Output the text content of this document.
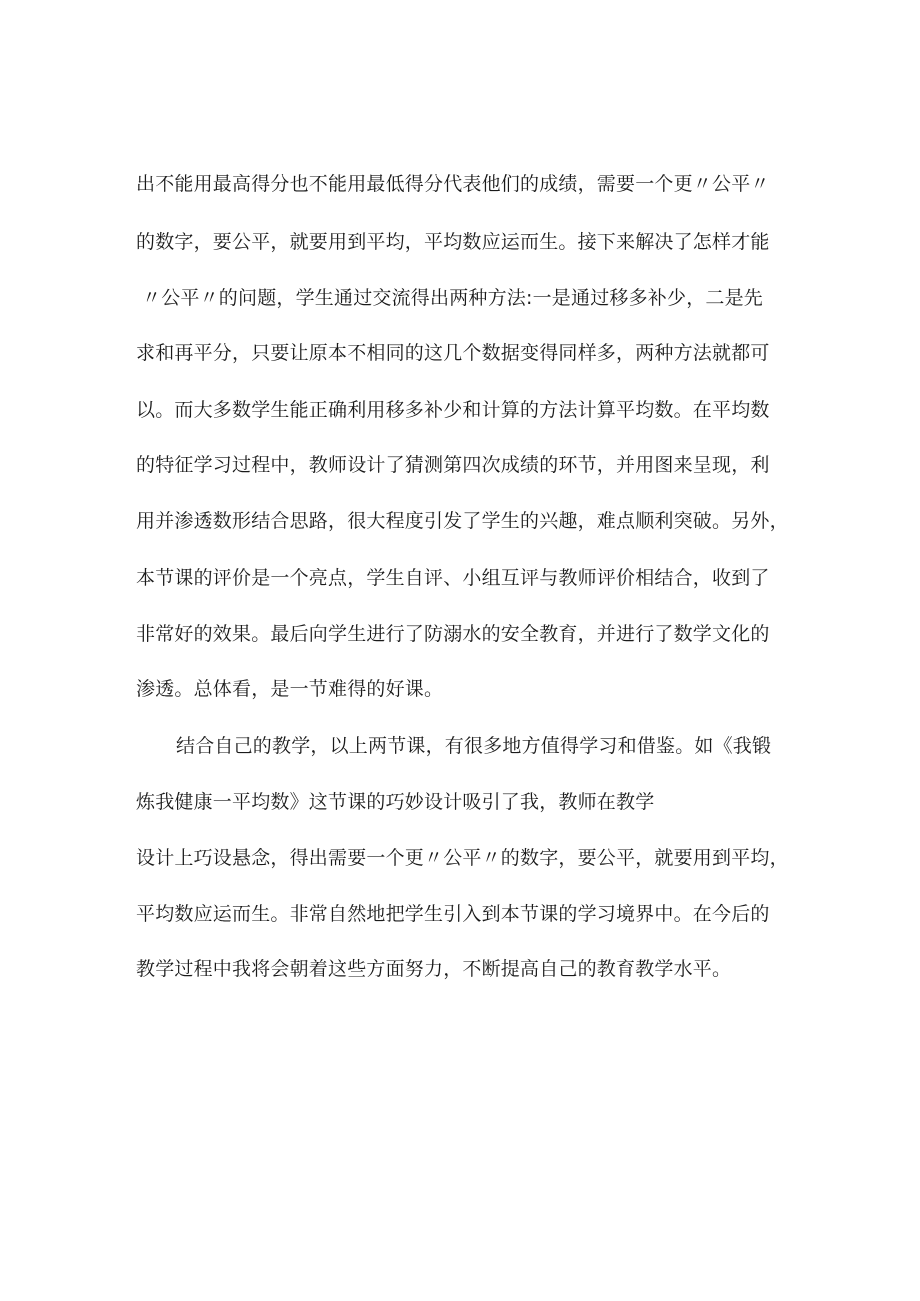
出不能用最高得分也不能用最低得分代表他们的成绩，需要一个更〃公平〃
的数字，要公平，就要用到平均，平均数应运而生。接下来解决了怎样才能
〃公平〃的问题，学生通过交流得出两种方法:一是通过移多补少，二是先
求和再平分，只要让原本不相同的这几个数据变得同样多，两种方法就都可
以。而大多数学生能正确利用移多补少和计算的方法计算平均数。在平均数
的特征学习过程中，教师设计了猜测第四次成绩的环节，并用图来呈现，利
用并渗透数形结合思路，很大程度引发了学生的兴趣，难点顺利突破。另外，
本节课的评价是一个亮点，学生自评、小组互评与教师评价相结合，收到了
非常好的效果。最后向学生进行了防溺水的安全教育，并进行了数学文化的
渗透。总体看，是一节难得的好课。
结合自己的教学，以上两节课，有很多地方值得学习和借鉴。如《我锻
炼我健康一平均数》这节课的巧妙设计吸引了我，教师在教学
设计上巧设悬念，得出需要一个更〃公平〃的数字，要公平，就要用到平均，
平均数应运而生。非常自然地把学生引入到本节课的学习境界中。在今后的
教学过程中我将会朝着这些方面努力，不断提高自己的教育教学水平。
